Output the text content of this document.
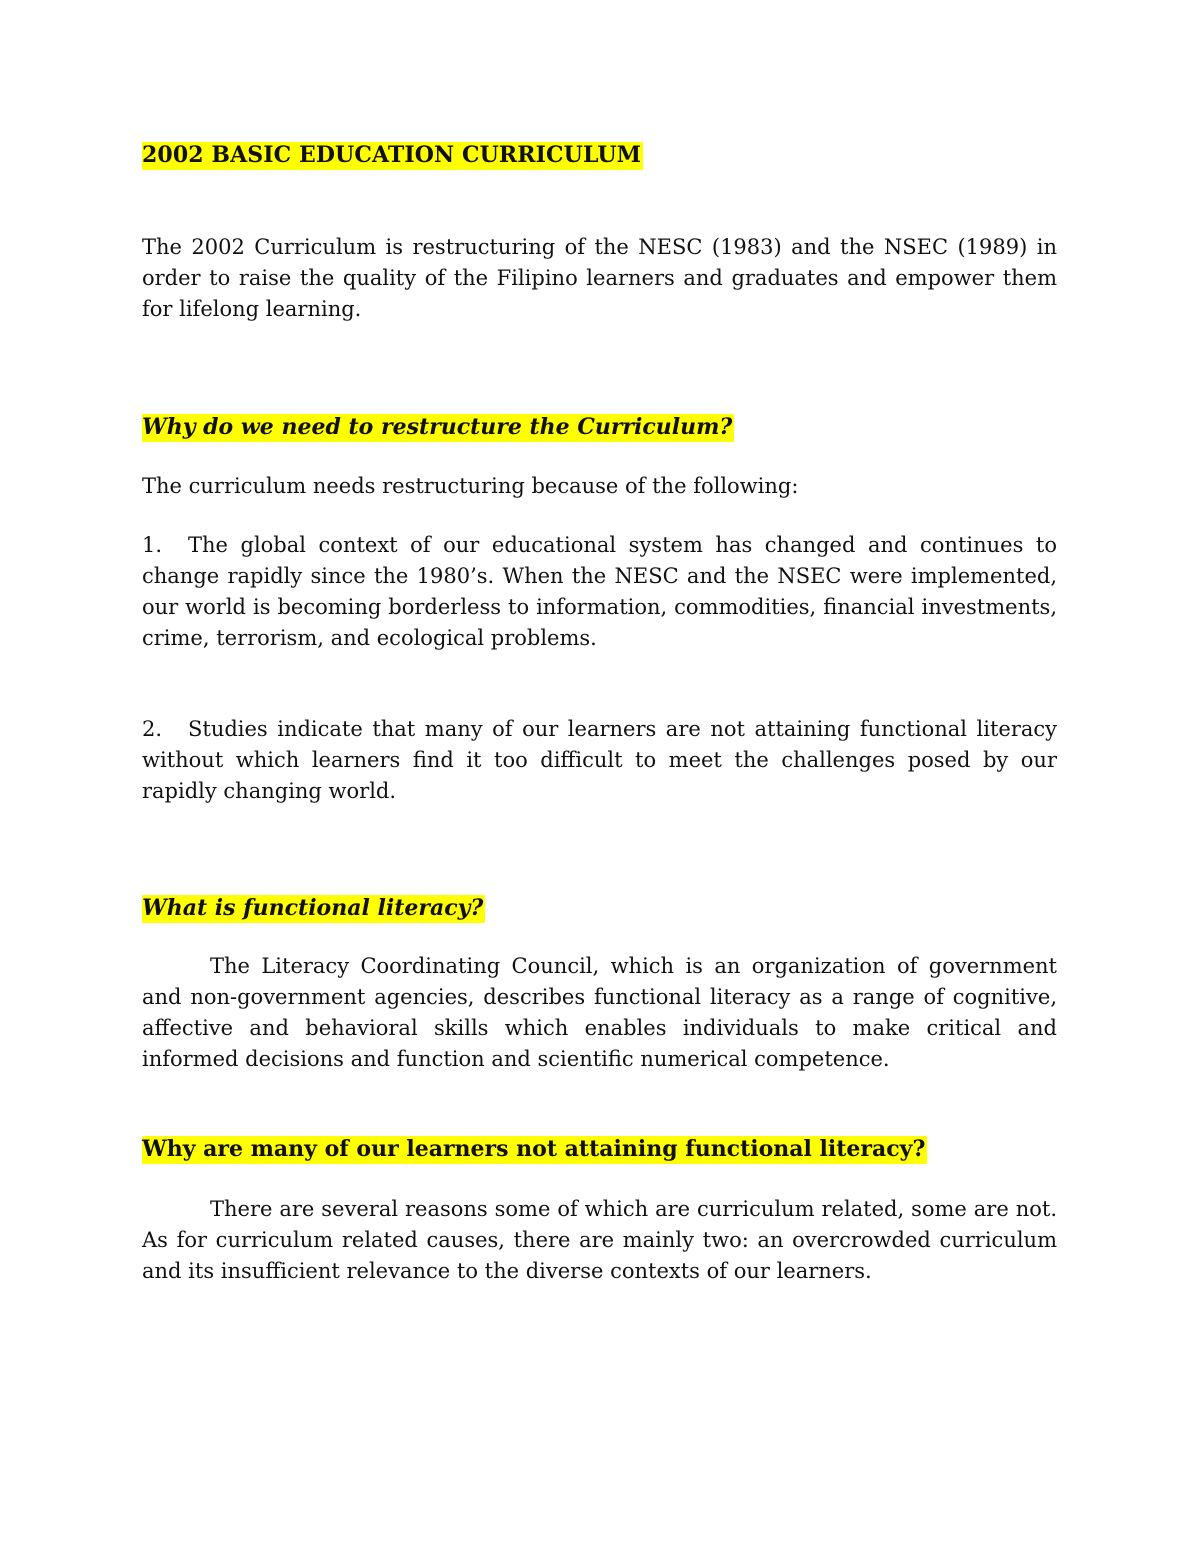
2002 BASIC EDUCATION CURRICULUM

The 2002 Curriculum is restructuring of the NESC (1983) and the NSEC (1989) in order to raise the quality of the Filipino learners and graduates and empower them for lifelong learning.

Why do we need to restructure the Curriculum?

The curriculum needs restructuring because of the following:

1. The global context of our educational system has changed and continues to change rapidly since the 1980’s. When the NESC and the NSEC were implemented, our world is becoming borderless to information, commodities, financial investments, crime, terrorism, and ecological problems.

2. Studies indicate that many of our learners are not attaining functional literacy without which learners find it too difficult to meet the challenges posed by our rapidly changing world.

What is functional literacy?

The Literacy Coordinating Council, which is an organization of government and non-government agencies, describes functional literacy as a range of cognitive, affective and behavioral skills which enables individuals to make critical and informed decisions and function and scientific numerical competence.

Why are many of our learners not attaining functional literacy?

There are several reasons some of which are curriculum related, some are not. As for curriculum related causes, there are mainly two: an overcrowded curriculum and its insufficient relevance to the diverse contexts of our learners.
